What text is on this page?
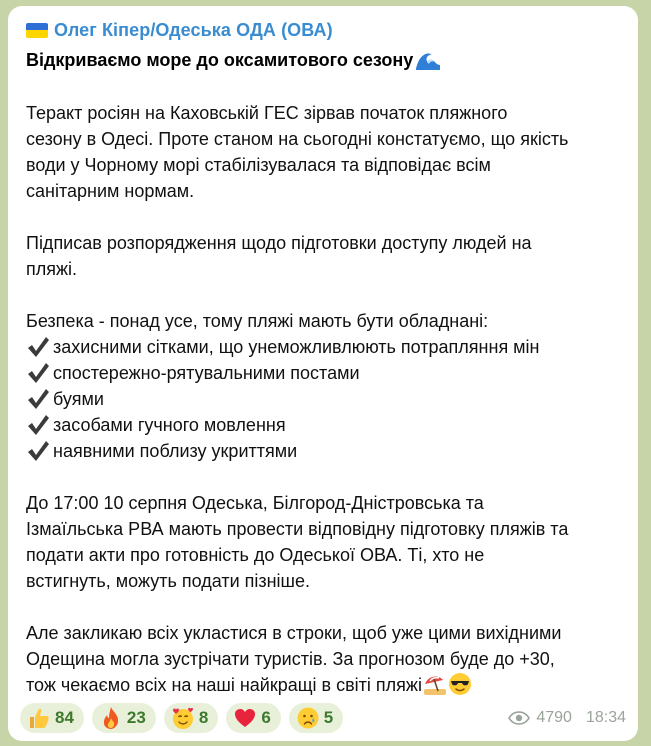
Олег Кіпер/Одеська ОДА (ОВА)
Відкриваємо море до оксамитового сезону
Теракт росіян на Каховській ГЕС зірвав початок пляжного
сезону в Одесі. Проте станом на сьогодні констатуємо, що якість
води у Чорному морі стабілізувалася та відповідає всім
санітарним нормам.
Підписав розпорядження щодо підготовки доступу людей на
пляжі.
Безпека - понад усе, тому пляжі мають бути обладнані:
захисними сітками, що унеможливлюють потрапляння мін
спостережно-рятувальними постами
буями
засобами гучного мовлення
наявними поблизу укриттями
До 17:00 10 серпня Одеська, Білгород-Дністровська та
Ізмаїльська РВА мають провести відповідну підготовку пляжів та
подати акти про готовність до Одеської ОВА. Ті, хто не
встигнуть, можуть подати пізніше.
Але закликаю всіх укластися в строки, щоб уже цими вихідними
Одещина могла зустрічати туристів. За прогнозом буде до +30,
тож чекаємо всіх на наші найкращі в світі пляжі
84	23	8	6	5	4790 18:34
